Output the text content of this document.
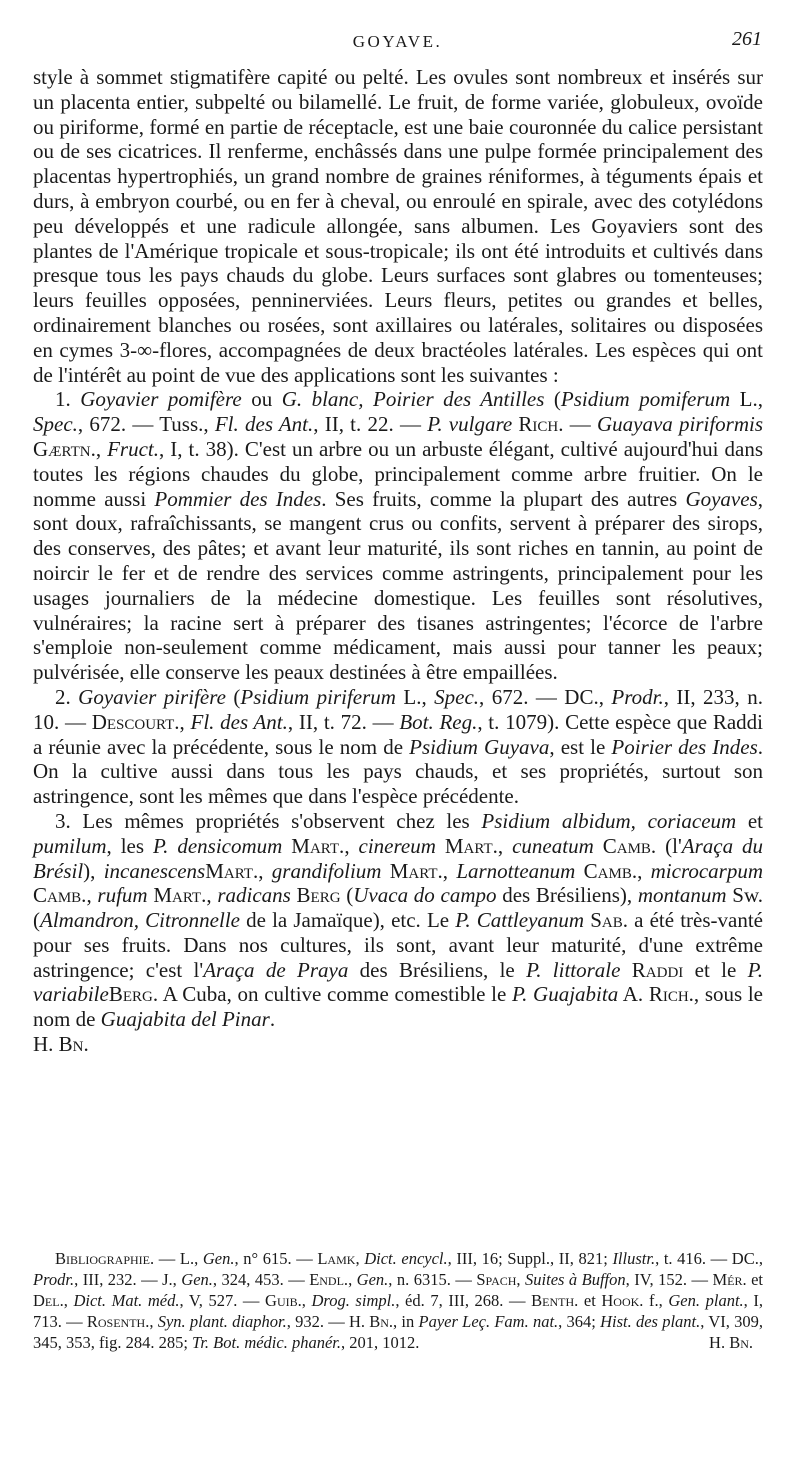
GOYAVE.	261

style à sommet stigmatifère capité ou pelté. Les ovules sont nombreux et insérés sur un placenta entier, subpelté ou bilamellé. Le fruit, de forme variée, globuleux, ovoïde ou piriforme, formé en partie de réceptacle, est une baie couronnée du calice persistant ou de ses cicatrices. Il renferme, enchâssés dans une pulpe formée principalement des placentas hypertrophiés, un grand nombre de graines réniformes, à téguments épais et durs, à embryon courbé, ou en fer à cheval, ou enroulé en spirale, avec des cotylédons peu développés et une radicule allongée, sans albumen. Les Goyaviers sont des plantes de l'Amérique tropicale et sous-tropicale; ils ont été introduits et cultivés dans presque tous les pays chauds du globe. Leurs surfaces sont glabres ou tomenteuses; leurs feuilles opposées, penninerviées. Leurs fleurs, petites ou grandes et belles, ordinairement blanches ou rosées, sont axillaires ou latérales, solitaires ou disposées en cymes 3-∞-flores, accompagnées de deux bractéoles latérales. Les espèces qui ont de l'intérêt au point de vue des applications sont les suivantes :

1. Goyavier pomifère ou G. blanc, Poirier des Antilles (Psidium pomiferum L., Spec., 672. — Tuss., Fl. des Ant., II, t. 22. — P. vulgare Rich. — Guayava piriformis Gærtn., Fruct., I, t. 38). C'est un arbre ou un arbuste élégant, cultivé aujourd'hui dans toutes les régions chaudes du globe, principalement comme arbre fruitier. On le nomme aussi Pommier des Indes. Ses fruits, comme la plupart des autres Goyaves, sont doux, rafraîchissants, se mangent crus ou confits, servent à préparer des sirops, des conserves, des pâtes; et avant leur maturité, ils sont riches en tannin, au point de noircir le fer et de rendre des services comme astringents, principalement pour les usages journaliers de la médecine domestique. Les feuilles sont résolutives, vulnéraires; la racine sert à préparer des tisanes astringentes; l'écorce de l'arbre s'emploie non-seulement comme médicament, mais aussi pour tanner les peaux; pulvérisée, elle conserve les peaux destinées à être empaillées.

2. Goyavier pirifère (Psidium piriferum L., Spec., 672. — DC., Prodr., II, 233, n. 10. — Descourt., Fl. des Ant., II, t. 72. — Bot. Reg., t. 1079). Cette espèce que Raddi a réunie avec la précédente, sous le nom de Psidium Guyava, est le Poirier des Indes. On la cultive aussi dans tous les pays chauds, et ses propriétés, surtout son astringence, sont les mêmes que dans l'espèce précédente.

3. Les mêmes propriétés s'observent chez les Psidium albidum, coriaceum et pumilum, les P. densicomum Mart., cinereum Mart., cuneatum Camb. (l'Araça du Brésil), incanescensMart., grandifolium Mart., Larnotteanum Camb., microcarpum Camb., rufum Mart., radicans Berg (Uvaca do campo des Brésiliens), montanum Sw. (Almandron, Citronnelle de la Jamaïque), etc. Le P. Cattleyanum Sab. a été très-vanté pour ses fruits. Dans nos cultures, ils sont, avant leur maturité, d'une extrême astringence; c'est l'Araça de Praya des Brésiliens, le P. littorale Raddi et le P. variabileBerg. A Cuba, on cultive comme comestible le P. Guajabita A. Rich., sous le nom de Guajabita del Pinar.

H. Bn.

Bibliographie. — L., Gen., n° 615. — Lamk, Dict. encycl., III, 16; Suppl., II, 821; Illustr., t. 416. — DC., Prodr., III, 232. — J., Gen., 324, 453. — Endl., Gen., n. 6315. — Spach, Suites à Buffon, IV, 152. — Mér. et Del., Dict. Mat. méd., V, 527. — Guib., Drog. simpl., éd. 7, III, 268. — Benth. et Hook. f., Gen. plant., I, 713. — Rosenth., Syn. plant. diaphor., 932. — H. Bn., in Payer Leç. Fam. nat., 364; Hist. des plant., VI, 309, 345, 353, fig. 284. 285; Tr. Bot. médic. phanér., 201, 1012.	H. Bn.
